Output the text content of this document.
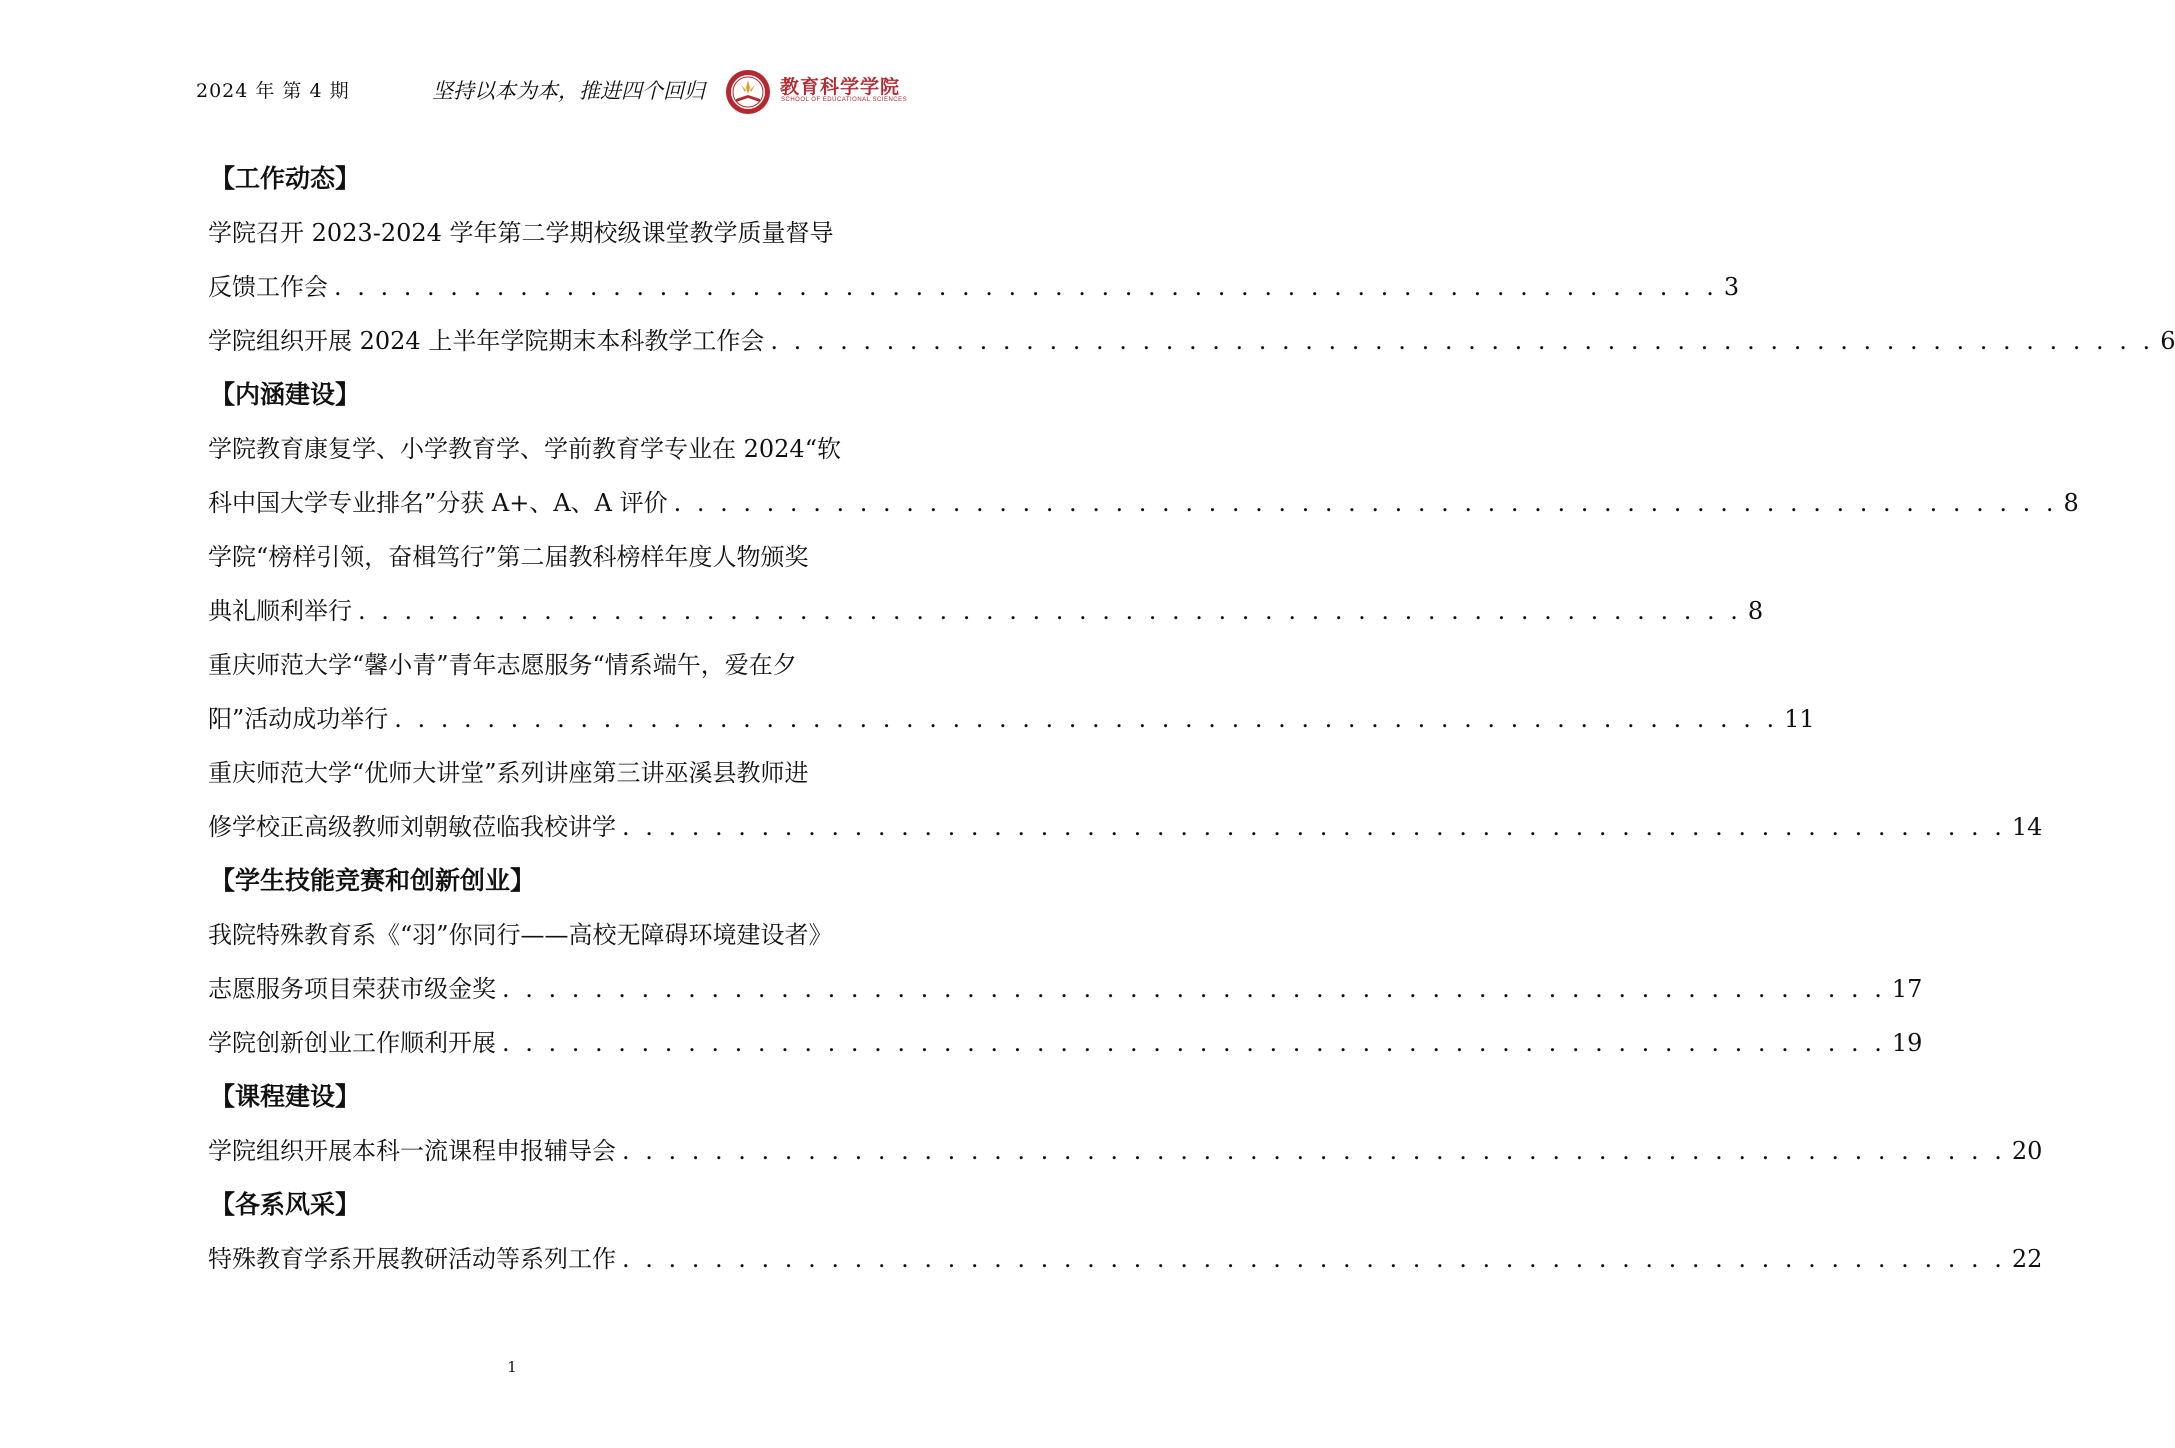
2024 年 第 4 期	坚持以本为本，推进四个回归	教育科学学院
SCHOOL OF EDUCATIONAL SCIENCES
【工作动态】
学院召开 2023-2024 学年第二学期校级课堂教学质量督导
反馈工作会 . . . . . . . . . . . . . . . . . . . . . . . . . . . . . . . . . . . . . . . . . . . . . . . . . . . . . . . . . . . . 3
学院组织开展 2024 上半年学院期末本科教学工作会 . . . . . . . . . . . . . . . . . . . . . . . . . . . . . . . . . . . . . . . . . . . . . . . . . . . . . . . . . . . . 6
【内涵建设】
学院教育康复学、小学教育学、学前教育学专业在 2024“软
科中国大学专业排名”分获 A+、A、A 评价 . . . . . . . . . . . . . . . . . . . . . . . . . . . . . . . . . . . . . . . . . . . . . . . . . . . . . . . . . . . . 8
学院“榜样引领，奋楫笃行”第二届教科榜样年度人物颁奖
典礼顺利举行 . . . . . . . . . . . . . . . . . . . . . . . . . . . . . . . . . . . . . . . . . . . . . . . . . . . . . . . . . . . . 8
重庆师范大学“馨小青”青年志愿服务“情系端午，爱在夕
阳”活动成功举行 . . . . . . . . . . . . . . . . . . . . . . . . . . . . . . . . . . . . . . . . . . . . . . . . . . . . . . . . . . . . 11
重庆师范大学“优师大讲堂”系列讲座第三讲巫溪县教师进
修学校正高级教师刘朝敏莅临我校讲学 . . . . . . . . . . . . . . . . . . . . . . . . . . . . . . . . . . . . . . . . . . . . . . . . . . . . . . . . . . . . 14
【学生技能竞赛和创新创业】
我院特殊教育系《“羽”你同行——高校无障碍环境建设者》
志愿服务项目荣获市级金奖 . . . . . . . . . . . . . . . . . . . . . . . . . . . . . . . . . . . . . . . . . . . . . . . . . . . . . . . . . . . . 17
学院创新创业工作顺利开展 . . . . . . . . . . . . . . . . . . . . . . . . . . . . . . . . . . . . . . . . . . . . . . . . . . . . . . . . . . . . 19
【课程建设】
学院组织开展本科一流课程申报辅导会 . . . . . . . . . . . . . . . . . . . . . . . . . . . . . . . . . . . . . . . . . . . . . . . . . . . . . . . . . . . . 20
【各系风采】
特殊教育学系开展教研活动等系列工作 . . . . . . . . . . . . . . . . . . . . . . . . . . . . . . . . . . . . . . . . . . . . . . . . . . . . . . . . . . . . 22
1
